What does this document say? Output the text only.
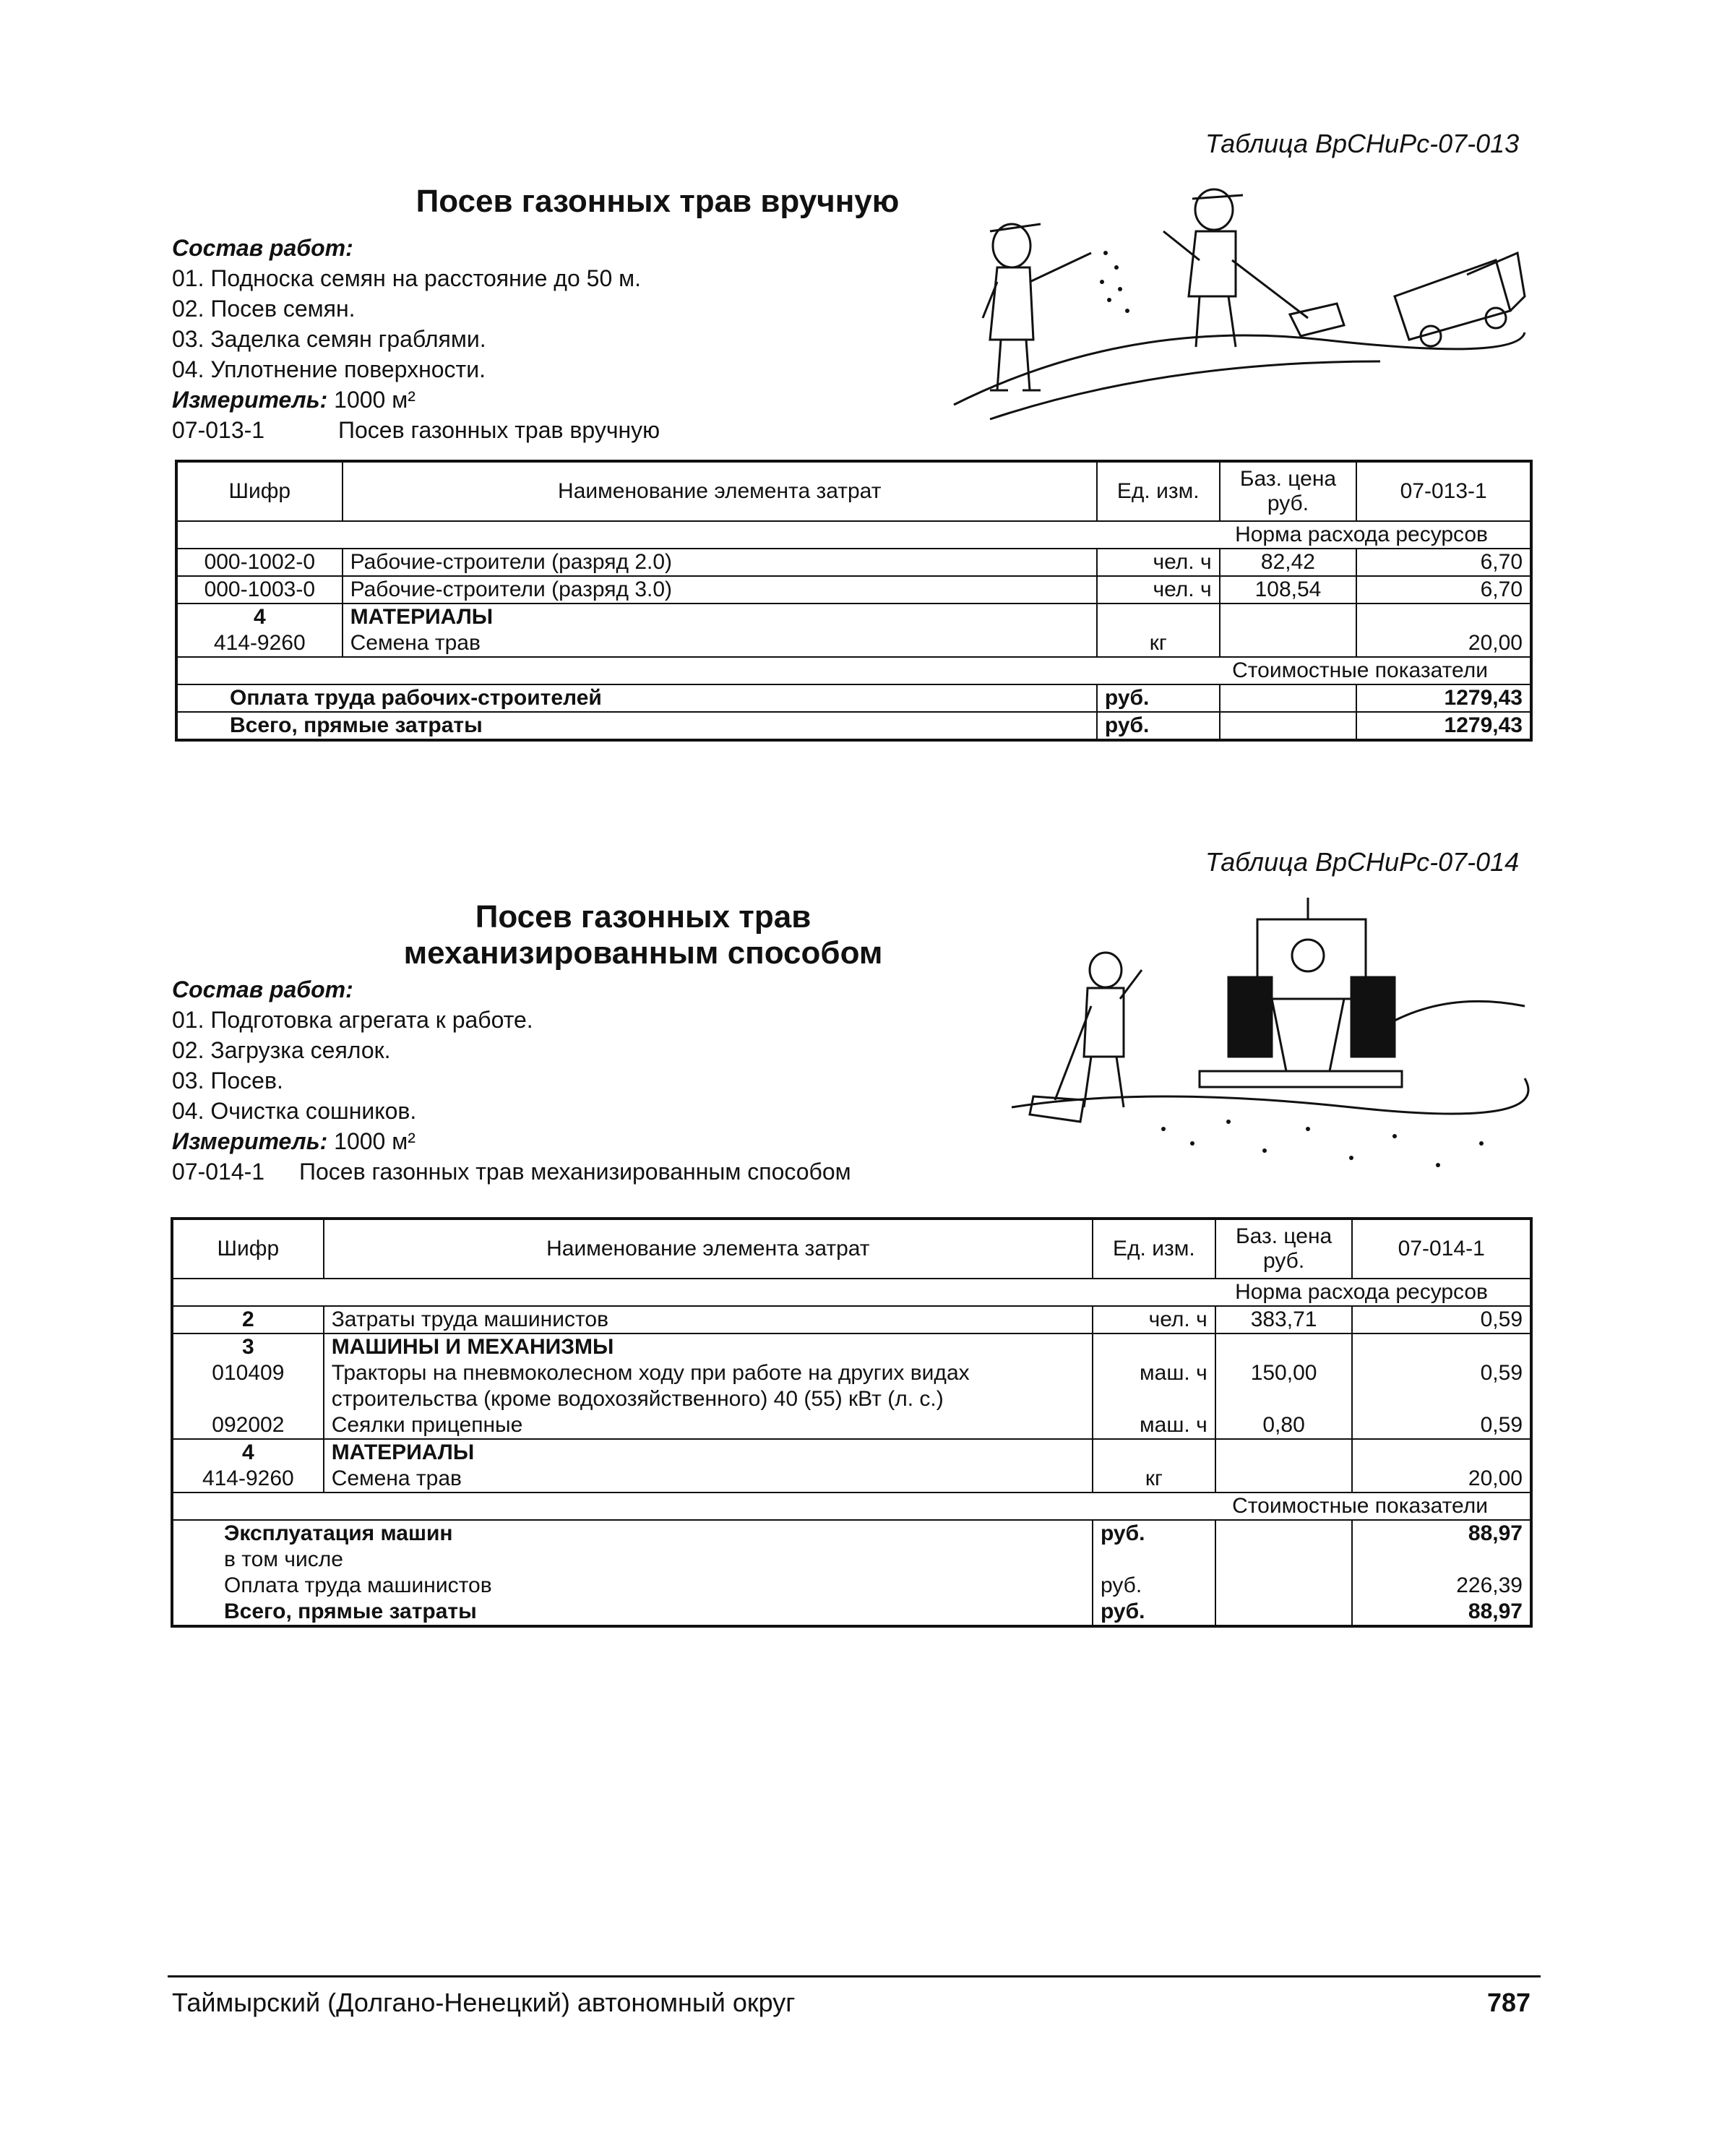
Таблица ВрСНиРс-07-013
Посев газонных трав вручную
Состав работ:
01. Подноска семян на расстояние до 50 м.
02. Посев семян.
03. Заделка семян граблями.
04. Уплотнение поверхности.
Измеритель: 1000 м²
07-013-1	Посев газонных трав вручную
Шифр	Наименование элемента затрат	Ед. изм.	Баз. цена руб.	07-013-1
Норма расхода ресурсов				
000-1002-0	Рабочие-строители (разряд 2.0)	чел. ч	82,42	6,70
000-1003-0	Рабочие-строители (разряд 3.0)	чел. ч	108,54	6,70
4	МАТЕРИАЛЫ			
414-9260	Семена трав	кг		20,00
Стоимостные показатели				
Оплата труда рабочих-строителей		руб.		1279,43
Всего, прямые затраты		руб.		1279,43
Таблица ВрСНиРс-07-014
Посев газонных трав
механизированным способом
Состав работ:
01. Подготовка агрегата к работе.
02. Загрузка сеялок.
03. Посев.
04. Очистка сошников.
Измеритель: 1000 м²
07-014-1 Посев газонных трав механизированным способом
Шифр	Наименование элемента затрат	Ед. изм.	Баз. цена руб.	07-014-1
Норма расхода ресурсов				
2	Затраты труда машинистов	чел. ч	383,71	0,59
3	МАШИНЫ И МЕХАНИЗМЫ			
010409	Тракторы на пневмоколесном ходу при работе на других видах строительства (кроме водохозяйственного) 40 (55) кВт (л. с.)	маш. ч	150,00	0,59
092002	Сеялки прицепные	маш. ч	0,80	0,59
4	МАТЕРИАЛЫ			
414-9260	Семена трав	кг		20,00
Стоимостные показатели				
Эксплуатация машин		руб.		88,97
в том числе				
Оплата труда машинистов		руб.		226,39
Всего, прямые затраты		руб.		88,97
Таймырский (Долгано-Ненецкий) автономный округ	787
